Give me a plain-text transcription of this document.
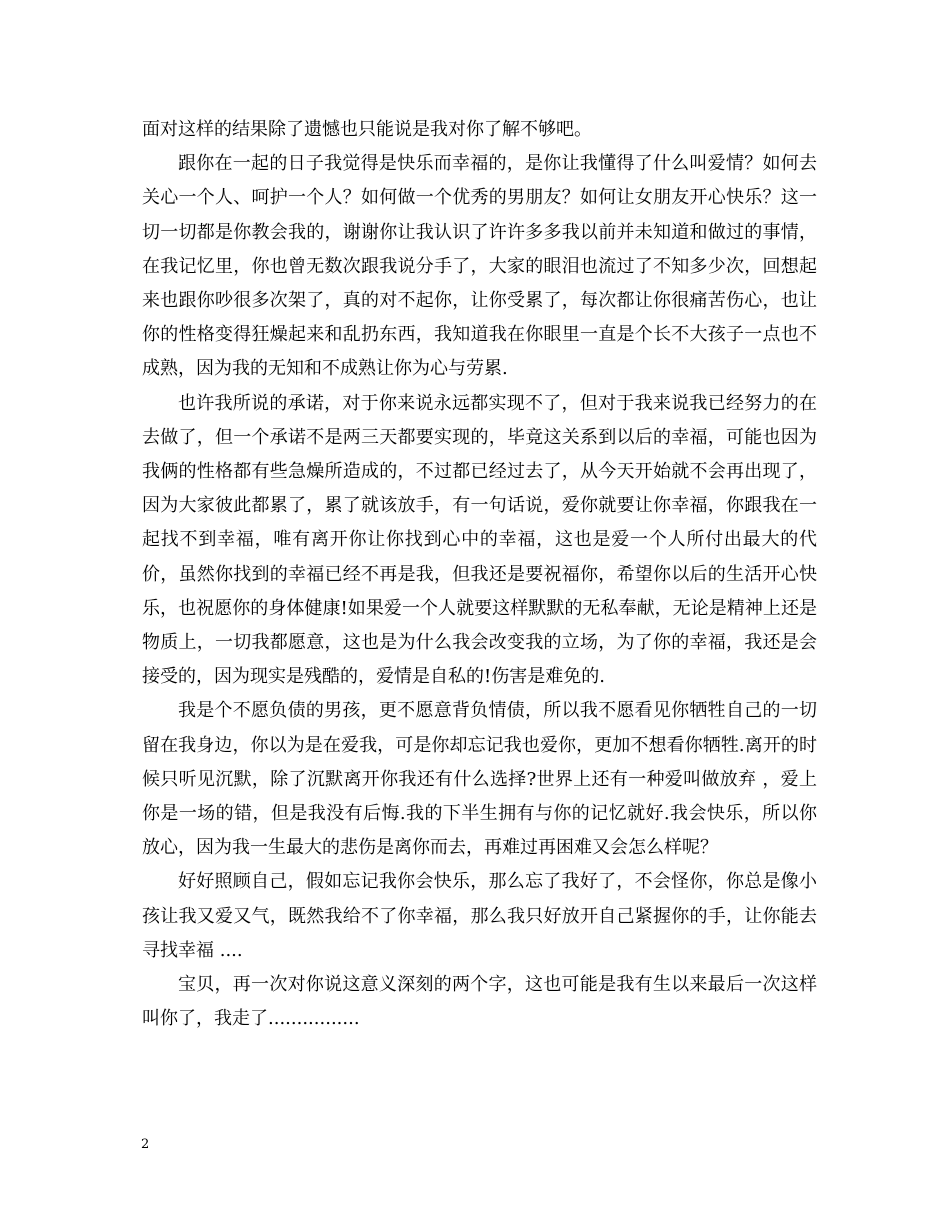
面对这样的结果除了遗憾也只能说是我对你了解不够吧。

跟你在一起的日子我觉得是快乐而幸福的，是你让我懂得了什么叫爱情？如何去关心一个人、呵护一个人？如何做一个优秀的男朋友？如何让女朋友开心快乐？这一切一切都是你教会我的，谢谢你让我认识了许许多多我以前并未知道和做过的事情，在我记忆里，你也曾无数次跟我说分手了，大家的眼泪也流过了不知多少次，回想起来也跟你吵很多次架了，真的对不起你，让你受累了，每次都让你很痛苦伤心，也让你的性格变得狂燥起来和乱扔东西，我知道我在你眼里一直是个长不大孩子一点也不成熟，因为我的无知和不成熟让你为心与劳累.

也许我所说的承诺，对于你来说永远都实现不了，但对于我来说我已经努力的在去做了，但一个承诺不是两三天都要实现的，毕竟这关系到以后的幸福，可能也因为我俩的性格都有些急燥所造成的，不过都已经过去了，从今天开始就不会再出现了，因为大家彼此都累了，累了就该放手，有一句话说，爱你就要让你幸福，你跟我在一起找不到幸福，唯有离开你让你找到心中的幸福，这也是爱一个人所付出最大的代价，虽然你找到的幸福已经不再是我，但我还是要祝福你，希望你以后的生活开心快乐，也祝愿你的身体健康!如果爱一个人就要这样默默的无私奉献，无论是精神上还是物质上，一切我都愿意，这也是为什么我会改变我的立场，为了你的幸福，我还是会接受的，因为现实是残酷的，爱情是自私的!伤害是难免的.

我是个不愿负债的男孩，更不愿意背负情债，所以我不愿看见你牺牲自己的一切留在我身边，你以为是在爱我，可是你却忘记我也爱你，更加不想看你牺牲.离开的时候只听见沉默，除了沉默离开你我还有什么选择?世界上还有一种爱叫做放弃 ，爱上你是一场的错，但是我没有后悔.我的下半生拥有与你的记忆就好.我会快乐，所以你放心，因为我一生最大的悲伤是离你而去，再难过再困难又会怎么样呢？

好好照顾自己，假如忘记我你会快乐，那么忘了我好了，不会怪你，你总是像小孩让我又爱又气，既然我给不了你幸福，那么我只好放开自己紧握你的手，让你能去寻找幸福 ....

宝贝，再一次对你说这意义深刻的两个字，这也可能是我有生以来最后一次这样叫你了，我走了................

2
